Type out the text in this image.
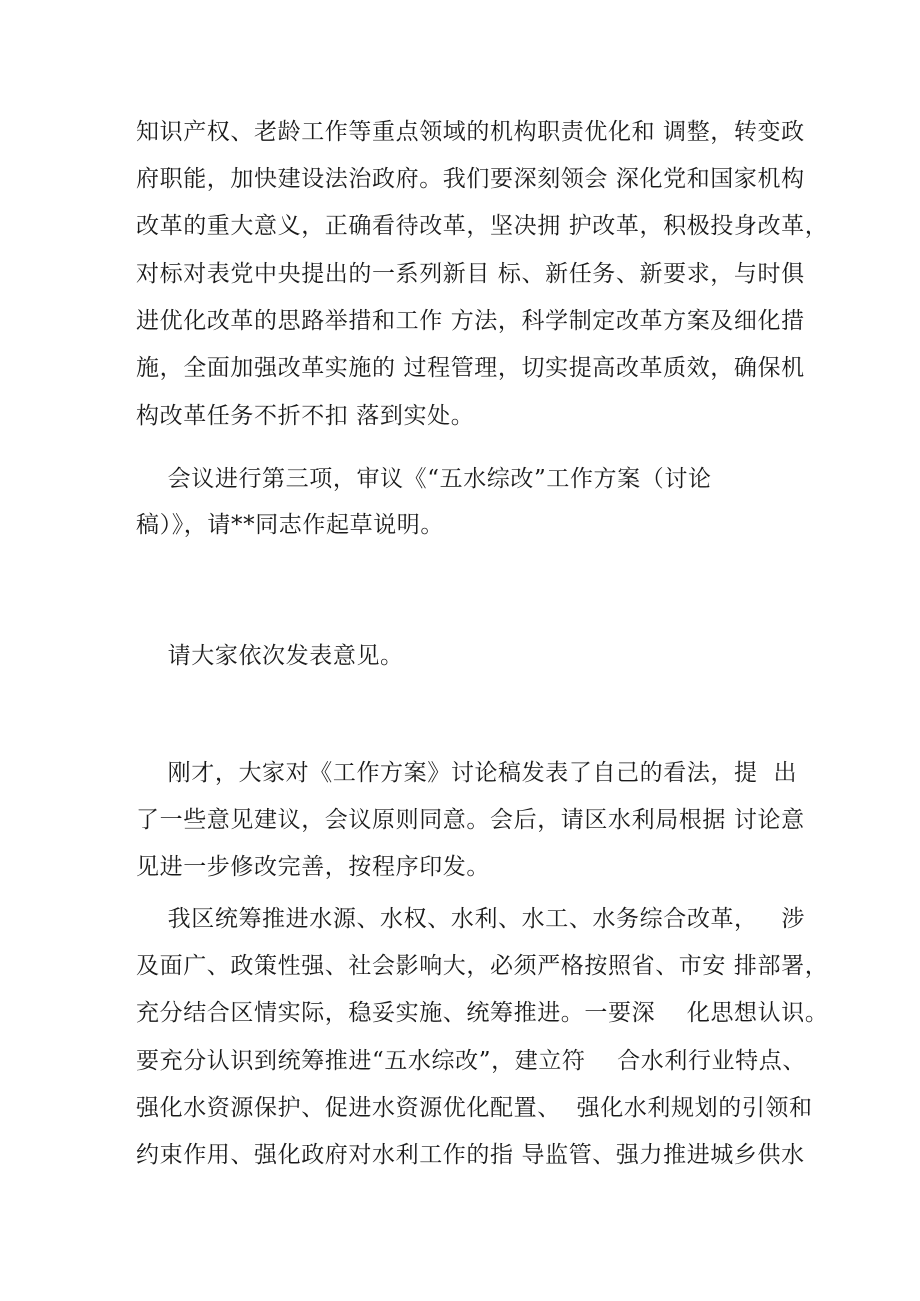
知识产权、老龄工作等重点领域的机构职责优化和 调整，转变政
府职能，加快建设法治政府。我们要深刻领会 深化党和国家机构
改革的重大意义，正确看待改革，坚决拥 护改革，积极投身改革，
对标对表党中央提出的一系列新目 标、新任务、新要求，与时俱
进优化改革的思路举措和工作 方法，科学制定改革方案及细化措
施，全面加强改革实施的 过程管理，切实提高改革质效，确保机
构改革任务不折不扣 落到实处。
会议进行第三项，审议《“五水综改”工作方案（讨论
稿）》，请**同志作起草说明。
请大家依次发表意见。
刚才，大家对《工作方案》讨论稿发表了自己的看法，提  出
了一些意见建议，会议原则同意。会后，请区水利局根据 讨论意
见进一步修改完善，按程序印发。
我区统筹推进水源、水权、水利、水工、水务综合改革，   涉
及面广、政策性强、社会影响大，必须严格按照省、市安 排部署，
充分结合区情实际，稳妥实施、统筹推进。一要深    化思想认识。
要充分认识到统筹推进“五水综改”，建立符    合水利行业特点、
强化水资源保护、促进水资源优化配置、  强化水利规划的引领和
约束作用、强化政府对水利工作的指 导监管、强力推进城乡供水
